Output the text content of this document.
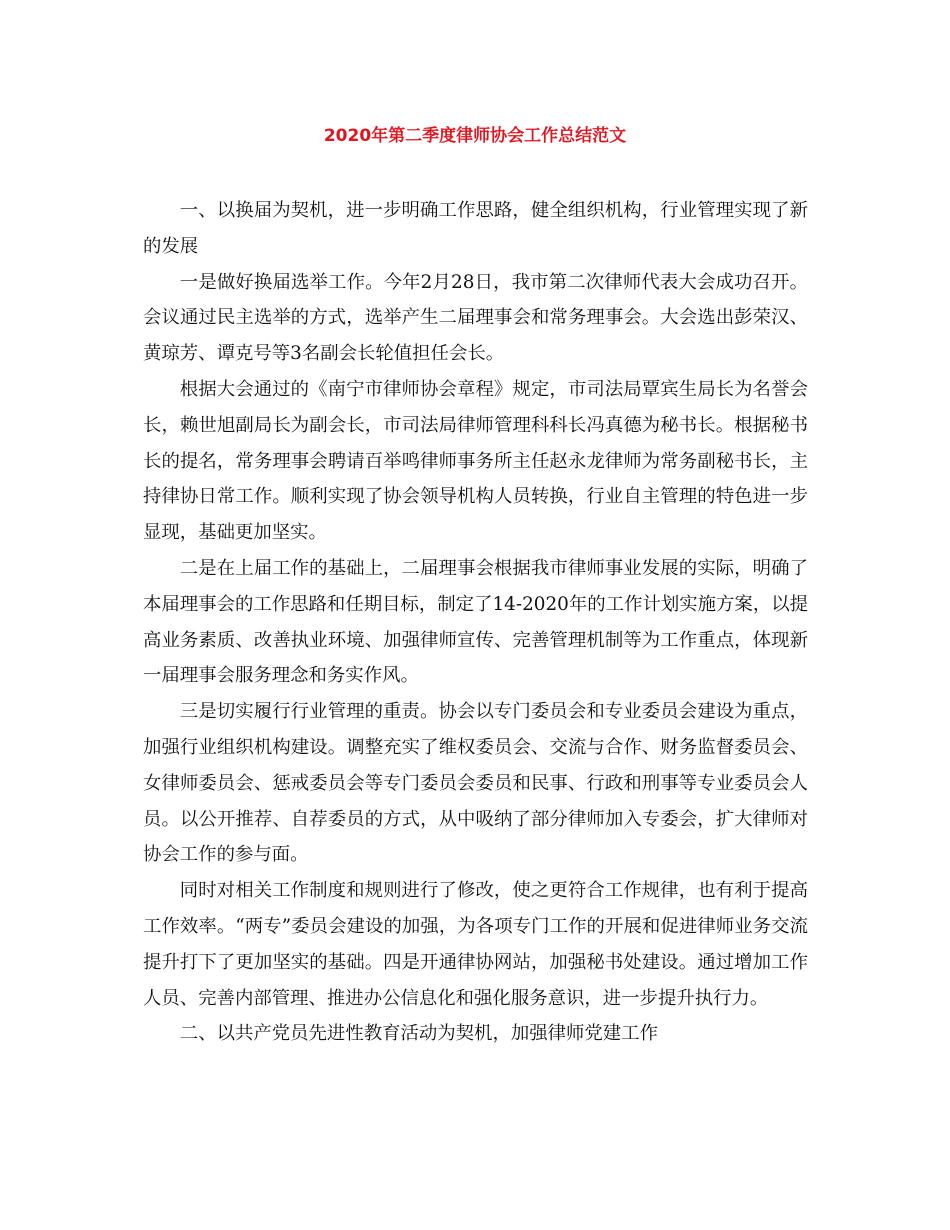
2020年第二季度律师协会工作总结范文

一、以换届为契机，进一步明确工作思路，健全组织机构，行业管理实现了新的发展

一是做好换届选举工作。今年2月28日，我市第二次律师代表大会成功召开。会议通过民主选举的方式，选举产生二届理事会和常务理事会。大会选出彭荣汉、黄琼芳、谭克号等3名副会长轮值担任会长。

根据大会通过的《南宁市律师协会章程》规定，市司法局覃宾生局长为名誉会长，赖世旭副局长为副会长，市司法局律师管理科科长冯真德为秘书长。根据秘书长的提名，常务理事会聘请百举鸣律师事务所主任赵永龙律师为常务副秘书长，主持律协日常工作。顺利实现了协会领导机构人员转换，行业自主管理的特色进一步显现，基础更加坚实。

二是在上届工作的基础上，二届理事会根据我市律师事业发展的实际，明确了本届理事会的工作思路和任期目标，制定了14-2020年的工作计划实施方案，以提高业务素质、改善执业环境、加强律师宣传、完善管理机制等为工作重点，体现新一届理事会服务理念和务实作风。

三是切实履行行业管理的重责。协会以专门委员会和专业委员会建设为重点，加强行业组织机构建设。调整充实了维权委员会、交流与合作、财务监督委员会、女律师委员会、惩戒委员会等专门委员会委员和民事、行政和刑事等专业委员会人员。以公开推荐、自荐委员的方式，从中吸纳了部分律师加入专委会，扩大律师对协会工作的参与面。

同时对相关工作制度和规则进行了修改，使之更符合工作规律，也有利于提高工作效率。“两专”委员会建设的加强，为各项专门工作的开展和促进律师业务交流提升打下了更加坚实的基础。四是开通律协网站，加强秘书处建设。通过增加工作人员、完善内部管理、推进办公信息化和强化服务意识，进一步提升执行力。

二、以共产党员先进性教育活动为契机，加强律师党建工作
